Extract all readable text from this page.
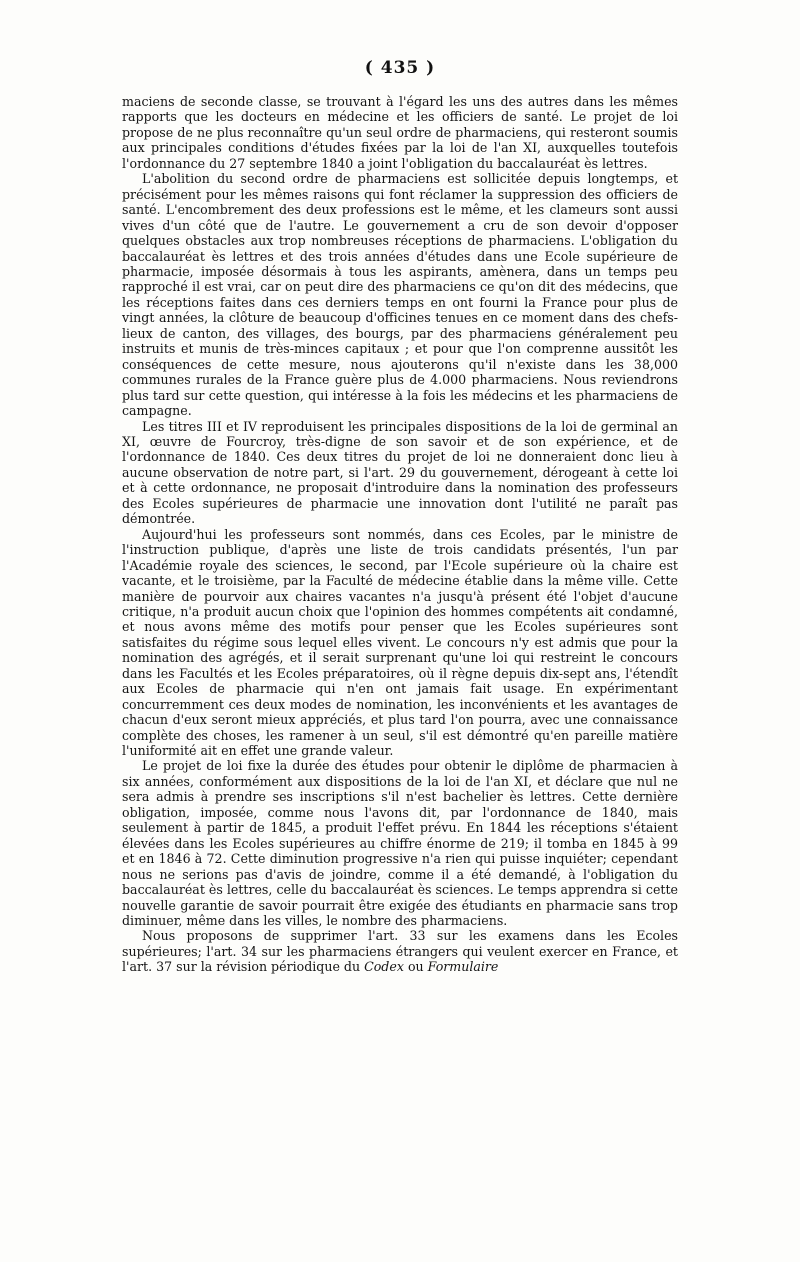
( 435 )

maciens de seconde classe, se trouvant à l'égard les uns des autres dans les mêmes rapports que les docteurs en médecine et les officiers de santé. Le projet de loi propose de ne plus reconnaître qu'un seul ordre de pharmaciens, qui resteront soumis aux principales conditions d'études fixées par la loi de l'an XI, auxquelles toutefois l'ordonnance du 27 septembre 1840 a joint l'obligation du baccalauréat ès lettres.

L'abolition du second ordre de pharmaciens est sollicitée depuis longtemps, et précisément pour les mêmes raisons qui font réclamer la suppression des officiers de santé. L'encombrement des deux professions est le même, et les clameurs sont aussi vives d'un côté que de l'autre. Le gouvernement a cru de son devoir d'opposer quelques obstacles aux trop nombreuses réceptions de pharmaciens. L'obligation du baccalauréat ès lettres et des trois années d'études dans une Ecole supérieure de pharmacie, imposée désormais à tous les aspirants, amènera, dans un temps peu rapproché il est vrai, car on peut dire des pharmaciens ce qu'on dit des médecins, que les réceptions faites dans ces derniers temps en ont fourni la France pour plus de vingt années, la clôture de beaucoup d'officines tenues en ce moment dans des chefs-lieux de canton, des villages, des bourgs, par des pharmaciens généralement peu instruits et munis de très-minces capitaux ; et pour que l'on comprenne aussitôt les conséquences de cette mesure, nous ajouterons qu'il n'existe dans les 38,000 communes rurales de la France guère plus de 4.000 pharmaciens. Nous reviendrons plus tard sur cette question, qui intéresse à la fois les médecins et les pharmaciens de campagne.

Les titres III et IV reproduisent les principales dispositions de la loi de germinal an XI, œuvre de Fourcroy, très-digne de son savoir et de son expérience, et de l'ordonnance de 1840. Ces deux titres du projet de loi ne donneraient donc lieu à aucune observation de notre part, si l'art. 29 du gouvernement, dérogeant à cette loi et à cette ordonnance, ne proposait d'introduire dans la nomination des professeurs des Ecoles supérieures de pharmacie une innovation dont l'utilité ne paraît pas démontrée.

Aujourd'hui les professeurs sont nommés, dans ces Ecoles, par le ministre de l'instruction publique, d'après une liste de trois candidats présentés, l'un par l'Académie royale des sciences, le second, par l'Ecole supérieure où la chaire est vacante, et le troisième, par la Faculté de médecine établie dans la même ville. Cette manière de pourvoir aux chaires vacantes n'a jusqu'à présent été l'objet d'aucune critique, n'a produit aucun choix que l'opinion des hommes compétents ait condamné, et nous avons même des motifs pour penser que les Ecoles supérieures sont satisfaites du régime sous lequel elles vivent. Le concours n'y est admis que pour la nomination des agrégés, et il serait surprenant qu'une loi qui restreint le concours dans les Facultés et les Ecoles préparatoires, où il règne depuis dix-sept ans, l'étendît aux Ecoles de pharmacie qui n'en ont jamais fait usage. En expérimentant concurremment ces deux modes de nomination, les inconvénients et les avantages de chacun d'eux seront mieux appréciés, et plus tard l'on pourra, avec une connaissance complète des choses, les ramener à un seul, s'il est démontré qu'en pareille matière l'uniformité ait en effet une grande valeur.

Le projet de loi fixe la durée des études pour obtenir le diplôme de pharmacien à six années, conformément aux dispositions de la loi de l'an XI, et déclare que nul ne sera admis à prendre ses inscriptions s'il n'est bachelier ès lettres. Cette dernière obligation, imposée, comme nous l'avons dit, par l'ordonnance de 1840, mais seulement à partir de 1845, a produit l'effet prévu. En 1844 les réceptions s'étaient élevées dans les Ecoles supérieures au chiffre énorme de 219; il tomba en 1845 à 99 et en 1846 à 72. Cette diminution progressive n'a rien qui puisse inquiéter; cependant nous ne serions pas d'avis de joindre, comme il a été demandé, à l'obligation du baccalauréat ès lettres, celle du baccalauréat ès sciences. Le temps apprendra si cette nouvelle garantie de savoir pourrait être exigée des étudiants en pharmacie sans trop diminuer, même dans les villes, le nombre des pharmaciens.

Nous proposons de supprimer l'art. 33 sur les examens dans les Ecoles supérieures; l'art. 34 sur les pharmaciens étrangers qui veulent exercer en France, et l'art. 37 sur la révision périodique du Codex ou Formulaire
